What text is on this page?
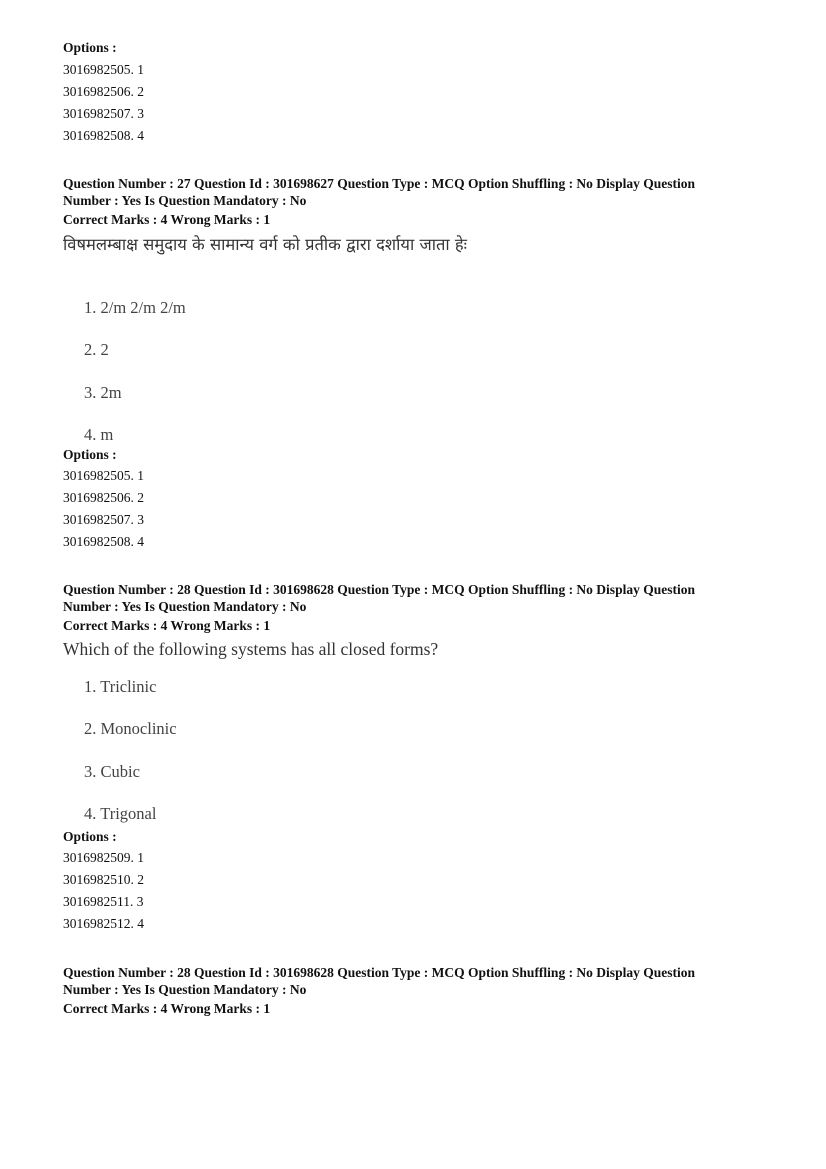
Options :
3016982505. 1
3016982506. 2
3016982507. 3
3016982508. 4
Question Number : 27 Question Id : 301698627 Question Type : MCQ Option Shuffling : No Display Question
Number : Yes Is Question Mandatory : No
Correct Marks : 4 Wrong Marks : 1
विषमलम्बाक्ष समुदाय के सामान्य वर्ग को प्रतीक द्वारा दर्शाया जाता हेः
1. 2/m 2/m 2/m
2. 2
3. 2m
4. m
Options :
3016982505. 1
3016982506. 2
3016982507. 3
3016982508. 4
Question Number : 28 Question Id : 301698628 Question Type : MCQ Option Shuffling : No Display Question
Number : Yes Is Question Mandatory : No
Correct Marks : 4 Wrong Marks : 1
Which of the following systems has all closed forms?
1. Triclinic
2. Monoclinic
3. Cubic
4. Trigonal
Options :
3016982509. 1
3016982510. 2
3016982511. 3
3016982512. 4
Question Number : 28 Question Id : 301698628 Question Type : MCQ Option Shuffling : No Display Question
Number : Yes Is Question Mandatory : No
Correct Marks : 4 Wrong Marks : 1
